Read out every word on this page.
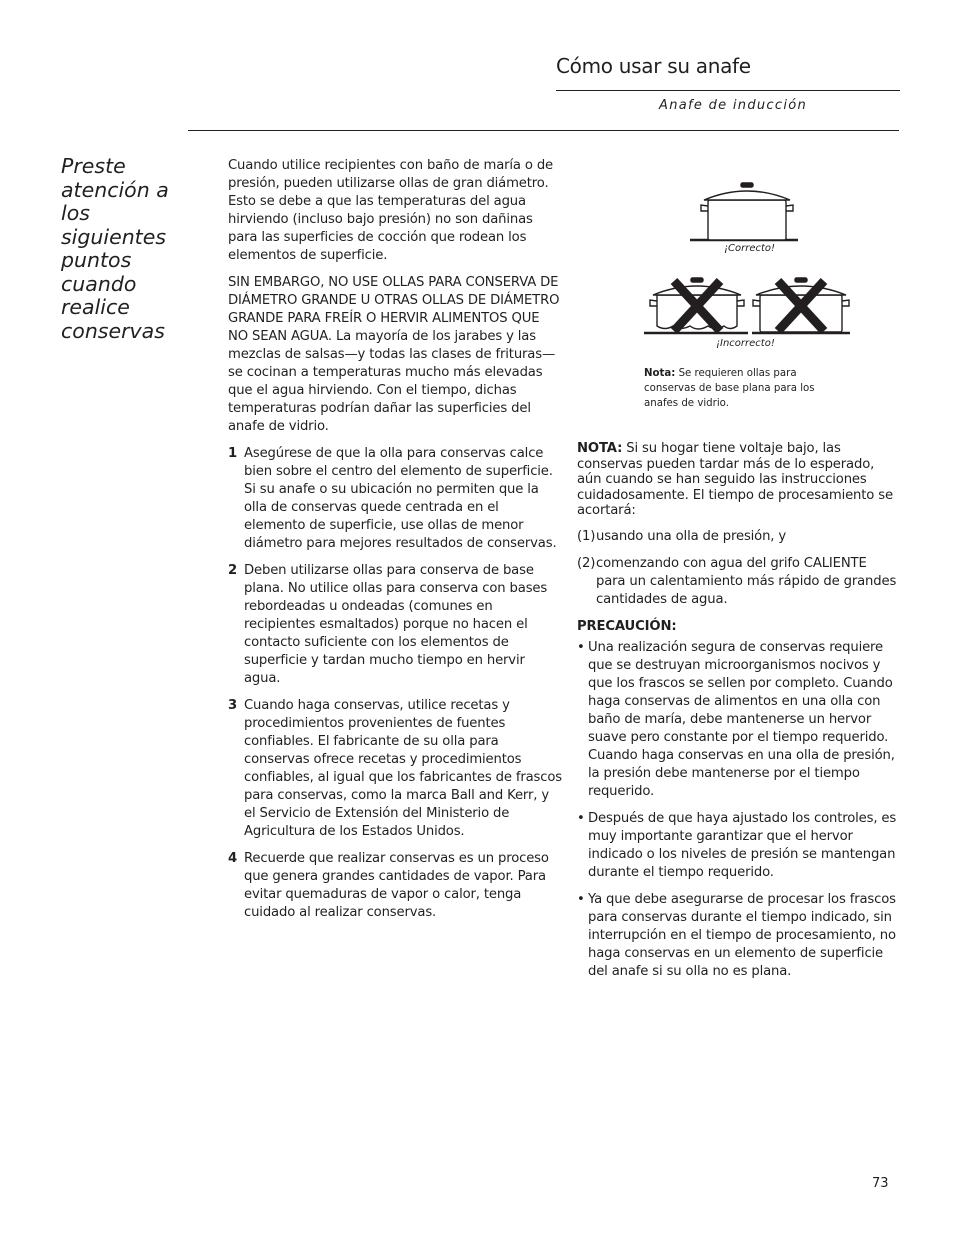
Cómo usar su anafe
Anafe de inducción
Preste atención a los siguientes puntos cuando realice conservas

Cuando utilice recipientes con baño de maría o de presión, pueden utilizarse ollas de gran diámetro. Esto se debe a que las temperaturas del agua hirviendo (incluso bajo presión) no son dañinas para las superficies de cocción que rodean los elementos de superficie.

SIN EMBARGO, NO USE OLLAS PARA CONSERVA DE DIÁMETRO GRANDE U OTRAS OLLAS DE DIÁMETRO GRANDE PARA FREÍR O HERVIR ALIMENTOS QUE NO SEAN AGUA. La mayoría de los jarabes y las mezclas de salsas—y todas las clases de frituras—se cocinan a temperaturas mucho más elevadas que el agua hirviendo. Con el tiempo, dichas temperaturas podrían dañar las superficies del anafe de vidrio.

1 Asegúrese de que la olla para conservas calce bien sobre el centro del elemento de superficie. Si su anafe o su ubicación no permiten que la olla de conservas quede centrada en el elemento de superficie, use ollas de menor diámetro para mejores resultados de conservas.
2 Deben utilizarse ollas para conserva de base plana. No utilice ollas para conserva con bases rebordeadas u ondeadas (comunes en recipientes esmaltados) porque no hacen el contacto suficiente con los elementos de superficie y tardan mucho tiempo en hervir agua.
3 Cuando haga conservas, utilice recetas y procedimientos provenientes de fuentes confiables. El fabricante de su olla para conservas ofrece recetas y procedimientos confiables, al igual que los fabricantes de frascos para conservas, como la marca Ball and Kerr, y el Servicio de Extensión del Ministerio de Agricultura de los Estados Unidos.
4 Recuerde que realizar conservas es un proceso que genera grandes cantidades de vapor. Para evitar quemaduras de vapor o calor, tenga cuidado al realizar conservas.
¡Correcto!
¡Incorrecto!
Nota: Se requieren ollas para conservas de base plana para los anafes de vidrio.

NOTA: Si su hogar tiene voltaje bajo, las conservas pueden tardar más de lo esperado, aún cuando se han seguido las instrucciones cuidadosamente. El tiempo de procesamiento se acortará:

(1) usando una olla de presión, y
(2) comenzando con agua del grifo CALIENTE para un calentamiento más rápido de grandes cantidades de agua.

PRECAUCIÓN:

• Una realización segura de conservas requiere que se destruyan microorganismos nocivos y que los frascos se sellen por completo. Cuando haga conservas de alimentos en una olla con baño de maría, debe mantenerse un hervor suave pero constante por el tiempo requerido. Cuando haga conservas en una olla de presión, la presión debe mantenerse por el tiempo requerido.
• Después de que haya ajustado los controles, es muy importante garantizar que el hervor indicado o los niveles de presión se mantengan durante el tiempo requerido.
• Ya que debe asegurarse de procesar los frascos para conservas durante el tiempo indicado, sin interrupción en el tiempo de procesamiento, no haga conservas en un elemento de superficie del anafe si su olla no es plana.
73
